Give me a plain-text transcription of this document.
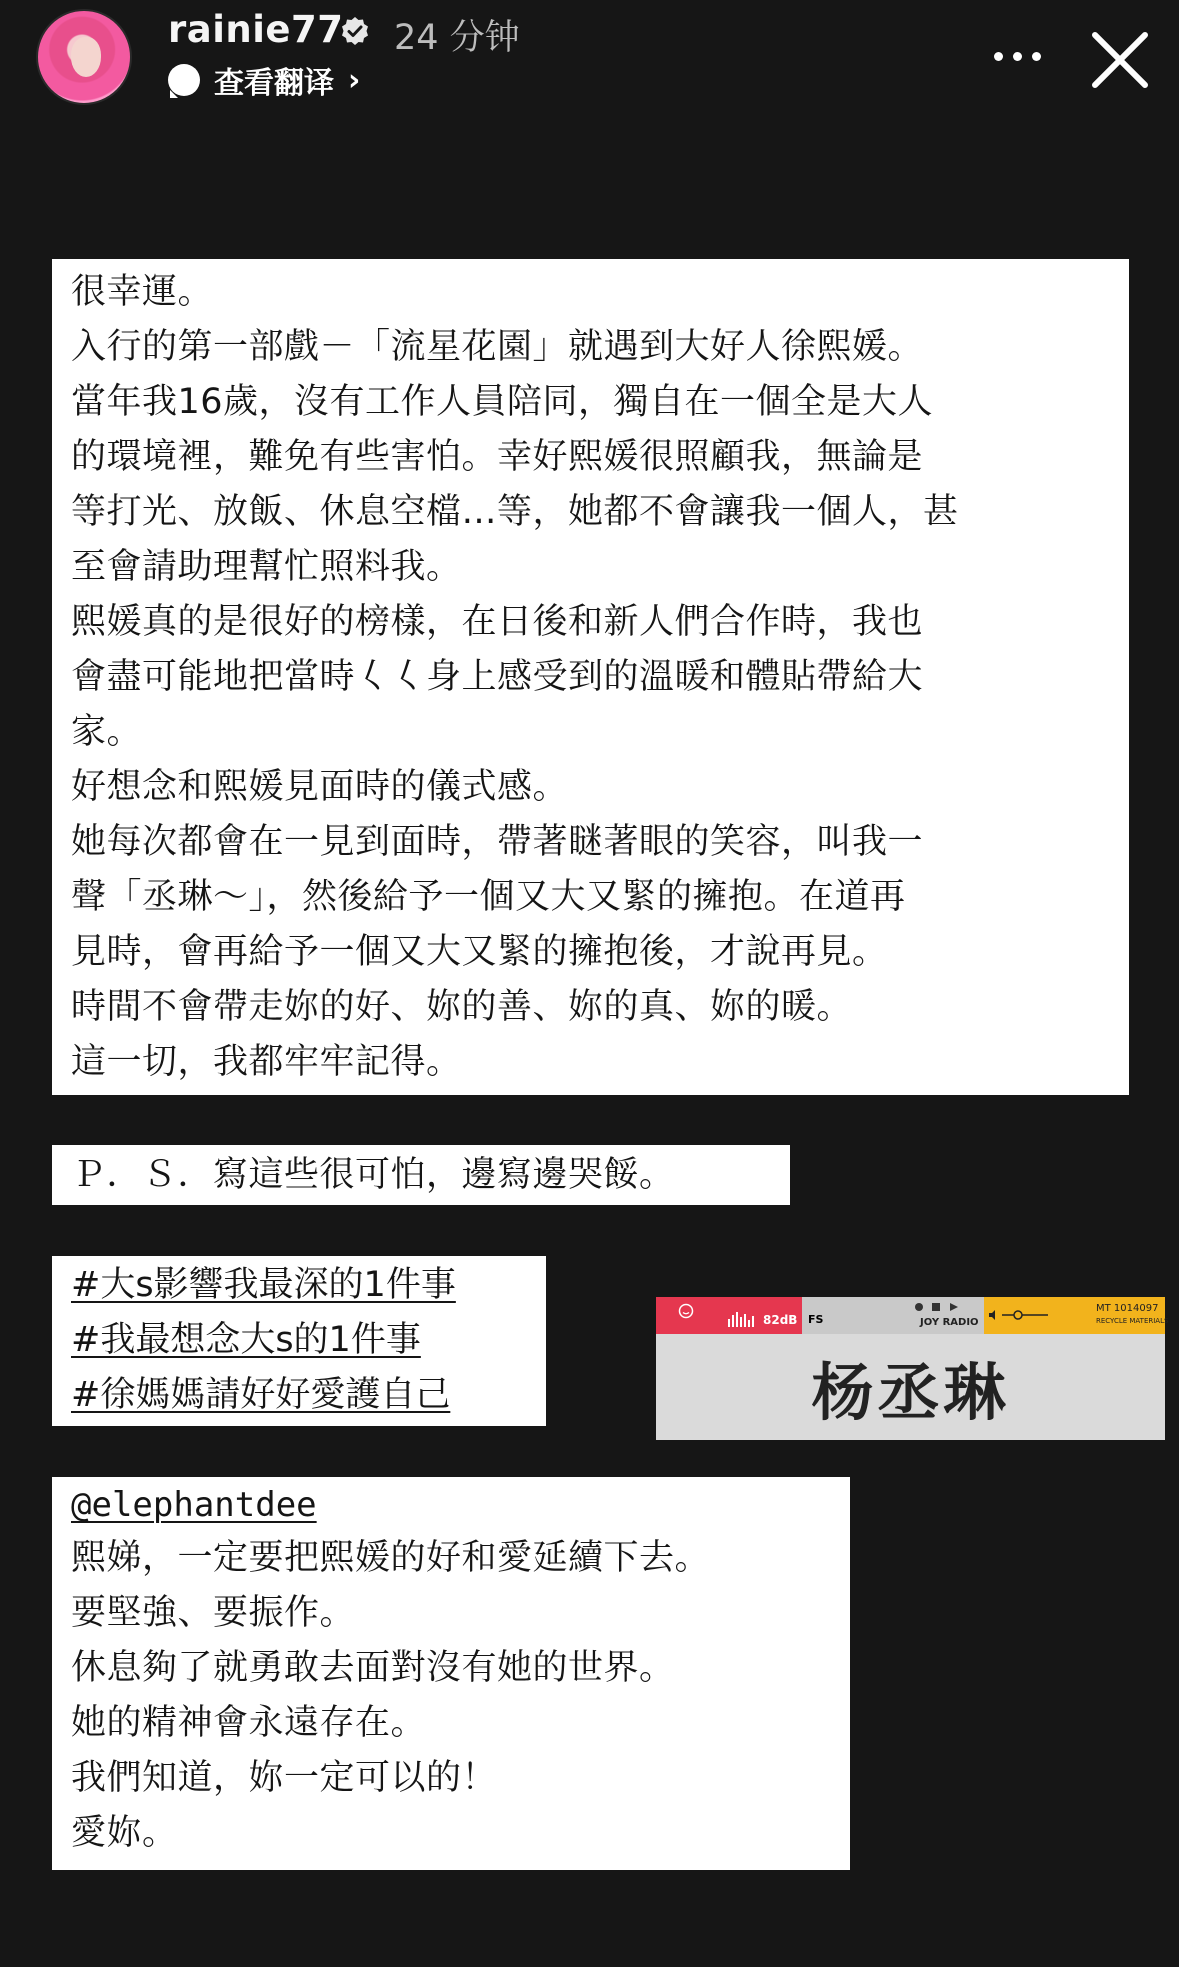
rainie77 24 分钟
查看翻译 ›
很幸運。
入行的第一部戲－「流星花園」就遇到大好人徐熙媛。
當年我16歲，沒有工作人員陪同，獨自在一個全是大人
的環境裡，難免有些害怕。幸好熙媛很照顧我，無論是
等打光、放飯、休息空檔…等，她都不會讓我一個人，甚
至會請助理幫忙照料我。
熙媛真的是很好的榜樣，在日後和新人們合作時，我也
會盡可能地把當時𡿨𡿨身上感受到的溫暖和體貼帶給大
家。
好想念和熙媛見面時的儀式感。
她每次都會在一見到面時，帶著瞇著眼的笑容，叫我一
聲「丞琳～」，然後給予一個又大又緊的擁抱。在道再
見時，會再給予一個又大又緊的擁抱後，才說再見。
時間不會帶走妳的好、妳的善、妳的真、妳的暖。
這一切，我都牢牢記得。
Ｐ．Ｓ．寫這些很可怕，邊寫邊哭餒。
#大s影響我最深的1件事
#我最想念大s的1件事
#徐媽媽請好好愛護自己
82dB FS	JOY RADIO
MT 1014097
RECYCLE MATERIALS
杨丞琳
@elephantdee
熙娣，一定要把熙媛的好和愛延續下去。
要堅強、要振作。
休息夠了就勇敢去面對沒有她的世界。
她的精神會永遠存在。
我們知道，妳一定可以的！
愛妳。
